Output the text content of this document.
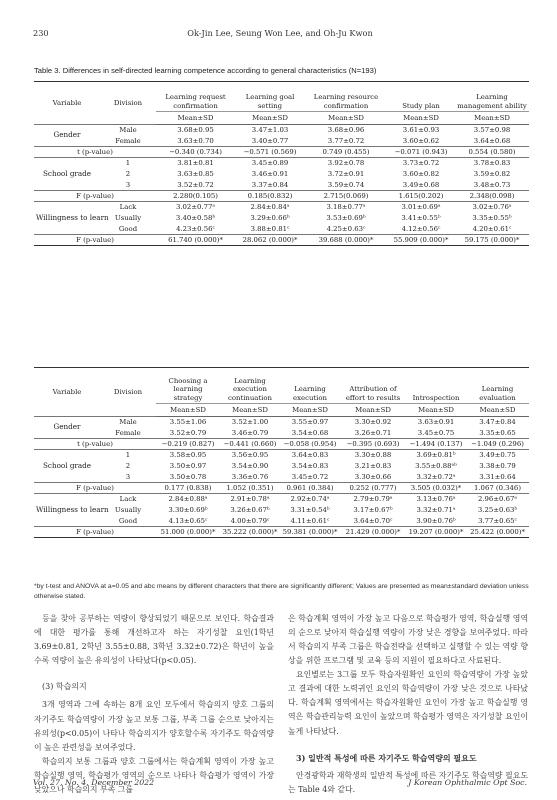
230	Ok-Jin Lee, Seung Won Lee, and Oh-Ju Kwon
Table 3. Differences in self-directed learning competence according to general characteristics (N=193)
Variable	Division	Learning request confirmation	Learning goal setting	Learning resource confirmation	Study plan	Learning management ability
		Mean±SD	Mean±SD	Mean±SD	Mean±SD	Mean±SD
Gender	Male	3.68±0.95	3.47±1.03	3.68±0.96	3.61±0.93	3.57±0.98
	Female	3.63±0.70	3.40±0.77	3.77±0.72	3.60±0.62	3.64±0.68
t (p-value)		−0.340 (0.734)	−0.571 (0.569)	0.749 (0.455)	−0.071 (0.943)	0.554 (0.580)
School grade	1	3.81±0.81	3.45±0.89	3.92±0.78	3.73±0.72	3.78±0.83
	2	3.63±0.85	3.46±0.91	3.72±0.91	3.60±0.82	3.59±0.82
	3	3.52±0.72	3.37±0.84	3.59±0.74	3.49±0.68	3.48±0.73
F (p-value)		2.280(0.105)	0.185(0.832)	2.715(0.069)	1.615(0.202)	2.348(0.098)
Willingness to learn	Lack	3.02±0.77ᵃ	2.84±0.84ᵃ	3.18±0.77ᵃ	3.01±0.69ᵃ	3.02±0.76ᵃ
	Usually	3.40±0.58ᵇ	3.29±0.66ᵇ	3.53±0.69ᵇ	3.41±0.55ᵇ	3.35±0.55ᵇ
	Good	4.23±0.56ᶜ	3.88±0.81ᶜ	4.25±0.63ᶜ	4.12±0.56ᶜ	4.20±0.61ᶜ
F (p-value)		61.740 (0.000)*	28.062 (0.000)*	39.688 (0.000)*	55.909 (0.000)*	59.175 (0.000)*
Variable	Division	Choosing a learning strategy	Learning execution continuation	Learning execution	Attribution of effort to results	Introspection	Learning evaluation
		Mean±SD	Mean±SD	Mean±SD	Mean±SD	Mean±SD	Mean±SD
Gender	Male	3.55±1.06	3.52±1.00	3.55±0.97	3.30±0.92	3.63±0.91	3.47±0.84
	Female	3.52±0.79	3.46±0.79	3.54±0.68	3.26±0.71	3.45±0.75	3.35±0.65
t (p-value)		−0.219 (0.827)	−0.441 (0.660)	−0.058 (0.954)	−0.395 (0.693)	−1.494 (0.137)	−1.049 (0.296)
School grade	1	3.58±0.95	3.56±0.95	3.64±0.83	3.30±0.88	3.69±0.81ᵇ	3.49±0.75
	2	3.50±0.97	3.54±0.90	3.54±0.83	3.21±0.83	3.55±0.88ᵃᵇ	3.38±0.79
	3	3.50±0.78	3.36±0.76	3.45±0.72	3.30±0.66	3.32±0.72ᵃ	3.31±0.64
F (p-value)		0.177 (0.838)	1.052 (0.351)	0.961 (0.384)	0.252 (0.777)	3.505 (0.032)*	1.067 (0.346)
Willingness to learn	Lack	2.84±0.88ᵃ	2.91±0.78ᵃ	2.92±0.74ᵃ	2.79±0.79ᵃ	3.13±0.76ᵃ	2.96±0.67ᵃ
	Usually	3.30±0.69ᵇ	3.26±0.67ᵇ	3.31±0.54ᵇ	3.17±0.67ᵇ	3.32±0.71ᵃ	3.25±0.63ᵇ
	Good	4.13±0.65ᶜ	4.00±0.79ᶜ	4.11±0.61ᶜ	3.64±0.70ᶜ	3.90±0.76ᵇ	3.77±0.65ᶜ
F (p-value)		51.000 (0.000)*	35.222 (0.000)*	59.381 (0.000)*	21.429 (0.000)*	19.207 (0.000)*	25.422 (0.000)*
*by t-test and ANOVA at a=0.05 and abc means by different characters that there are significantly different; Values are presented as mean±standard deviation unless otherwise stated.

등을 찾아 공부하는 역량이 향상되었기 때문으로 보인다. 학습결과에 대한 평가를 통해 개선하고자 하는 자기성찰 요인(1학년 3.69±0.81, 2학년 3.55±0.88, 3학년 3.32±0.72)은 학년이 높을수록 역량이 높은 유의성이 나타났다(p<0.05).

(3) 학습의지

3개 영역과 그에 속하는 8개 요인 모두에서 학습의지 양호 그룹의 자기주도 학습역량이 가장 높고 보통 그룹, 부족 그룹 순으로 낮아지는 유의성(p<0.05)이 나타나 학습의지가 양호할수록 자기주도 학습역량이 높은 관련성을 보여주었다.

학습의지 보통 그룹과 양호 그룹에서는 학습계획 영역이 가장 높고 학습실행 영역, 학습평가 영역의 순으로 나타나 학습평가 영역이 가장 낮았으나 학습의지 부족 그룹

은 학습계획 영역이 가장 높고 다음으로 학습평가 영역, 학습실행 영역의 순으로 낮아져 학습실행 역량이 가장 낮은 경향을 보여주었다. 따라서 학습의지 부족 그룹은 학습전략을 선택하고 실행할 수 있는 역량 향상을 위한 프로그램 및 교육 등의 지원이 필요하다고 사료된다.

요인별로는 3그룹 모두 학습자원확인 요인의 학습역량이 가장 높았고 결과에 대한 노력귀인 요인의 학습역량이 가장 낮은 것으로 나타났다. 학습계획 영역에서는 학습자원확인 요인이 가장 높고 학습실행 영역은 학습관리능력 요인이 높았으며 학습평가 영역은 자기성찰 요인이 높게 나타났다.

3) 일반적 특성에 따른 자기주도 학습역량의 필요도

안경광학과 재학생의 일반적 특성에 따른 자기주도 학습역량 필요도는 Table 4와 같다.

Vol. 27, No. 4, December 2022	J Korean Ophthalmic Opt Soc.
